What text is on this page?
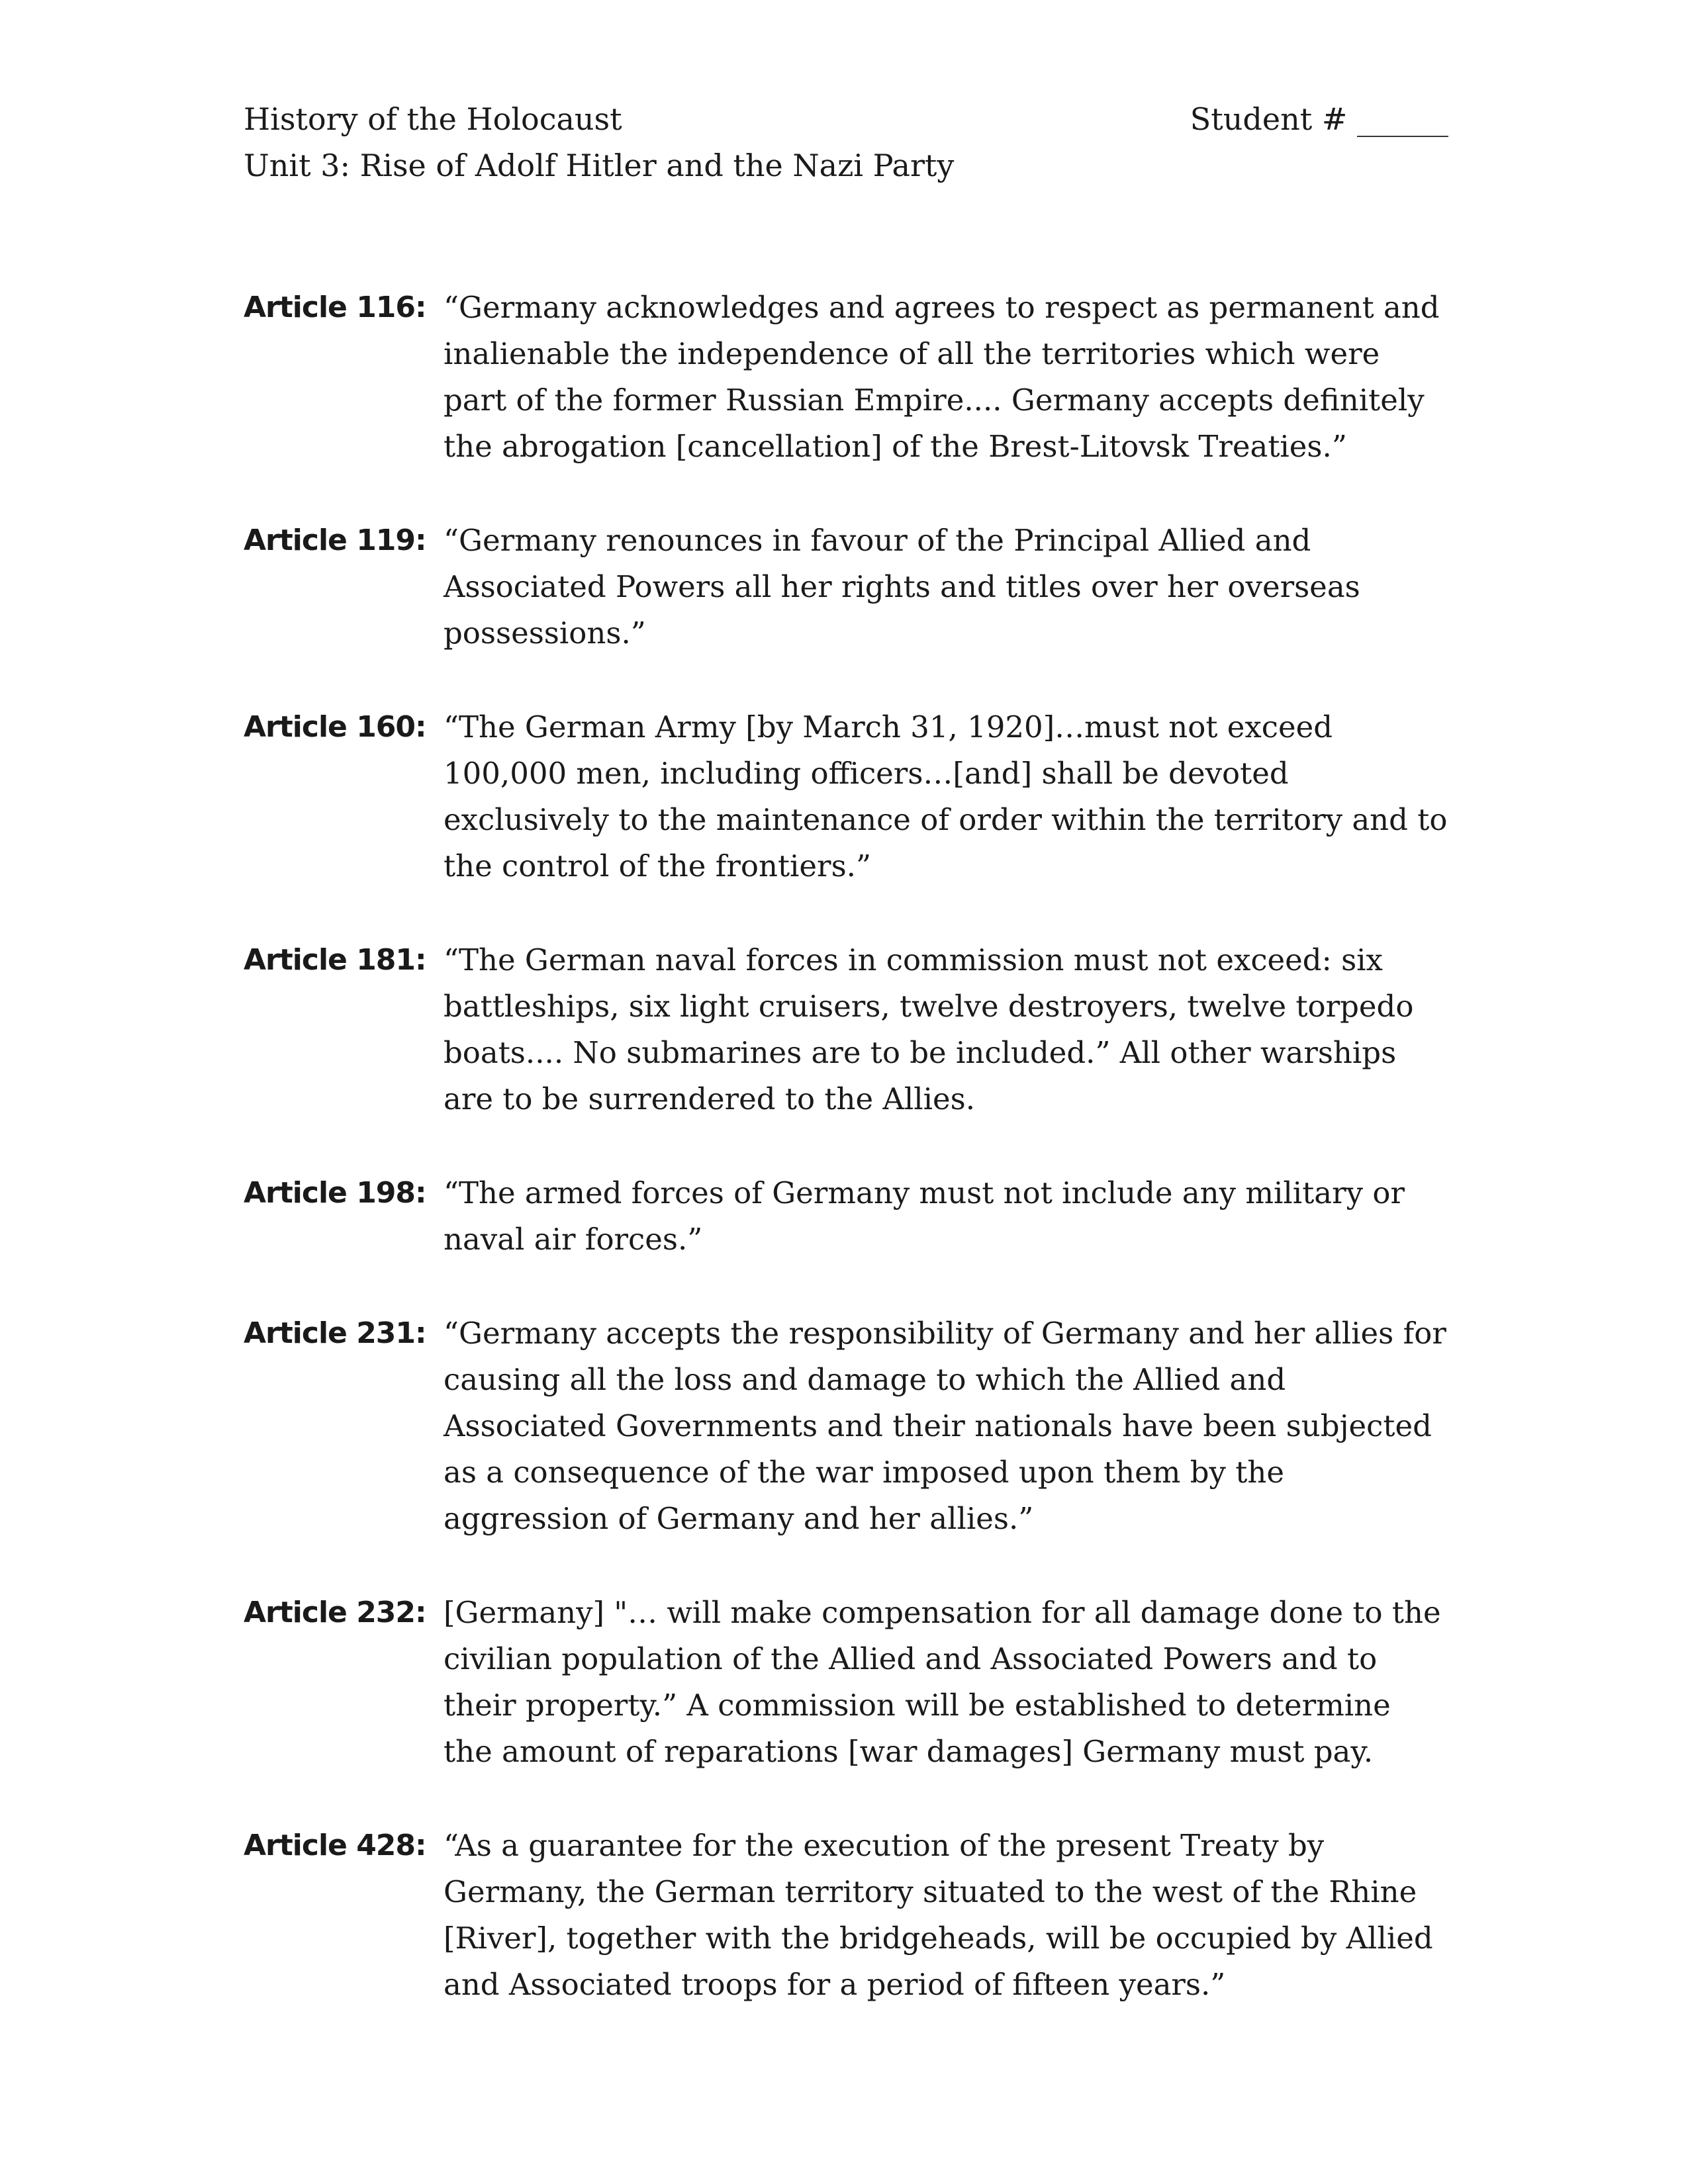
History of the Holocaust	Student # ______
Unit 3: Rise of Adolf Hitler and the Nazi Party
Article 116: “Germany acknowledges and agrees to respect as permanent and inalienable the independence of all the territories which were part of the former Russian Empire.... Germany accepts definitely the abrogation [cancellation] of the Brest-Litovsk Treaties.”
Article 119: “Germany renounces in favour of the Principal Allied and Associated Powers all her rights and titles over her overseas possessions.”
Article 160: “The German Army [by March 31, 1920]…must not exceed 100,000 men, including officers…[and] shall be devoted exclusively to the maintenance of order within the territory and to the control of the frontiers.”
Article 181: “The German naval forces in commission must not exceed: six battleships, six light cruisers, twelve destroyers, twelve torpedo boats.... No submarines are to be included.” All other warships are to be surrendered to the Allies.
Article 198: “The armed forces of Germany must not include any military or naval air forces.”
Article 231: “Germany accepts the responsibility of Germany and her allies for causing all the loss and damage to which the Allied and Associated Governments and their nationals have been subjected as a consequence of the war imposed upon them by the aggression of Germany and her allies.”
Article 232: [Germany] "… will make compensation for all damage done to the civilian population of the Allied and Associated Powers and to their property.” A commission will be established to determine the amount of reparations [war damages] Germany must pay.
Article 428: “As a guarantee for the execution of the present Treaty by Germany, the German territory situated to the west of the Rhine [River], together with the bridgeheads, will be occupied by Allied and Associated troops for a period of fifteen years.”
